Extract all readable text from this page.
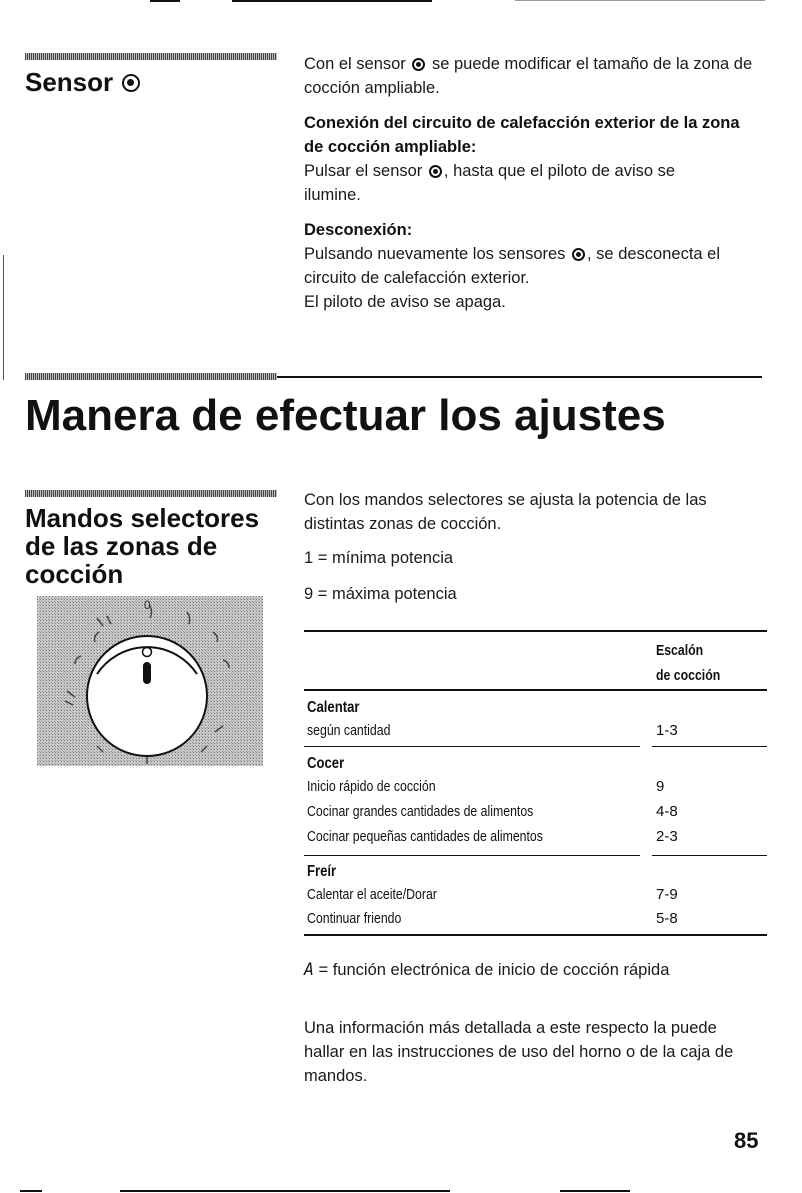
Sensor
Con el sensor se puede modificar el tamaño de la zona de cocción ampliable.
Conexión del circuito de calefacción exterior de la zona de cocción ampliable:
Pulsar el sensor , hasta que el piloto de aviso se ilumine.
Desconexión:
Pulsando nuevamente los sensores , se desconecta el circuito de calefacción exterior.
El piloto de aviso se apaga.
Manera de efectuar los ajustes
Mandos selectores
de las zonas de
cocción
0
Con los mandos selectores se ajusta la potencia de las distintas zonas de cocción.
1 = mínima potencia
9 = máxima potencia
Escalón
de cocción
Calentar
según cantidad	1-3
Cocer
Inicio rápido de cocción	9
Cocinar grandes cantidades de alimentos	4-8
Cocinar pequeñas cantidades de alimentos	2-3
Freír
Calentar el aceite/Dorar	7-9
Continuar friendo	5-8
A = función electrónica de inicio de cocción rápida
Una información más detallada a este respecto la puede hallar en las instrucciones de uso del horno o de la caja de mandos.
85
